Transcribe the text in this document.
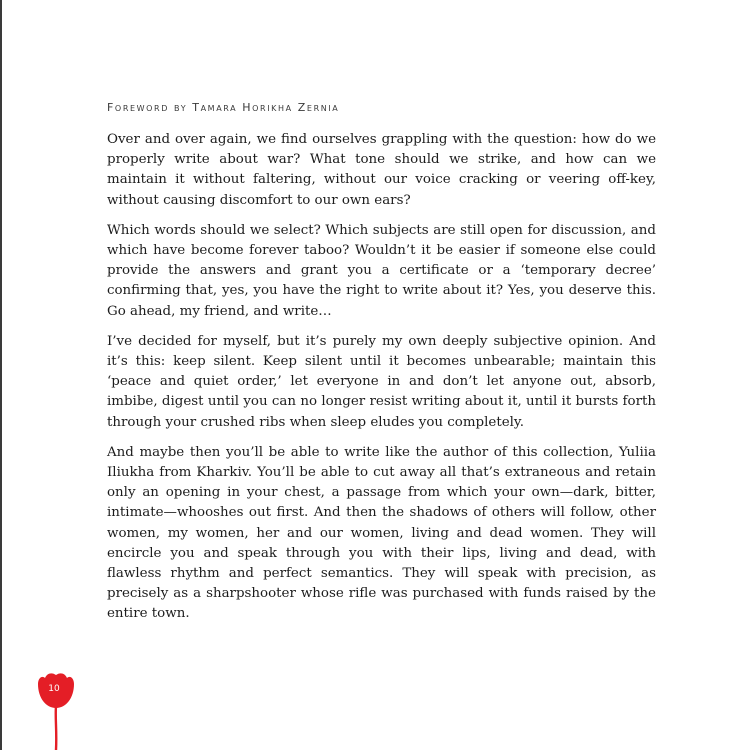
Foreword by Tamara Horikha Zernia

Over and over again, we find ourselves grappling with the question: how do we properly write about war? What tone should we strike, and how can we maintain it without faltering, without our voice cracking or veering off-key, without causing discomfort to our own ears?

Which words should we select? Which subjects are still open for discussion, and which have become forever taboo? Wouldn’t it be easier if someone else could provide the answers and grant you a certificate or a ‘temporary decree’ confirming that, yes, you have the right to write about it? Yes, you deserve this. Go ahead, my friend, and write…

I’ve decided for myself, but it’s purely my own deeply subjective opinion. And it’s this: keep silent. Keep silent until it becomes unbearable; maintain this ‘peace and quiet order,’ let everyone in and don’t let anyone out, absorb, imbibe, digest until you can no longer resist writing about it, until it bursts forth through your crushed ribs when sleep eludes you completely.

And maybe then you’ll be able to write like the author of this collection, Yuliia Iliukha from Kharkiv. You’ll be able to cut away all that’s extraneous and retain only an opening in your chest, a passage from which your own—dark, bitter, intimate—whooshes out first. And then the shadows of others will follow, other women, my women, her and our women, living and dead women. They will encircle you and speak through you with their lips, living and dead, with flawless rhythm and perfect semantics. They will speak with precision, as precisely as a sharpshooter whose rifle was purchased with funds raised by the entire town.

10
